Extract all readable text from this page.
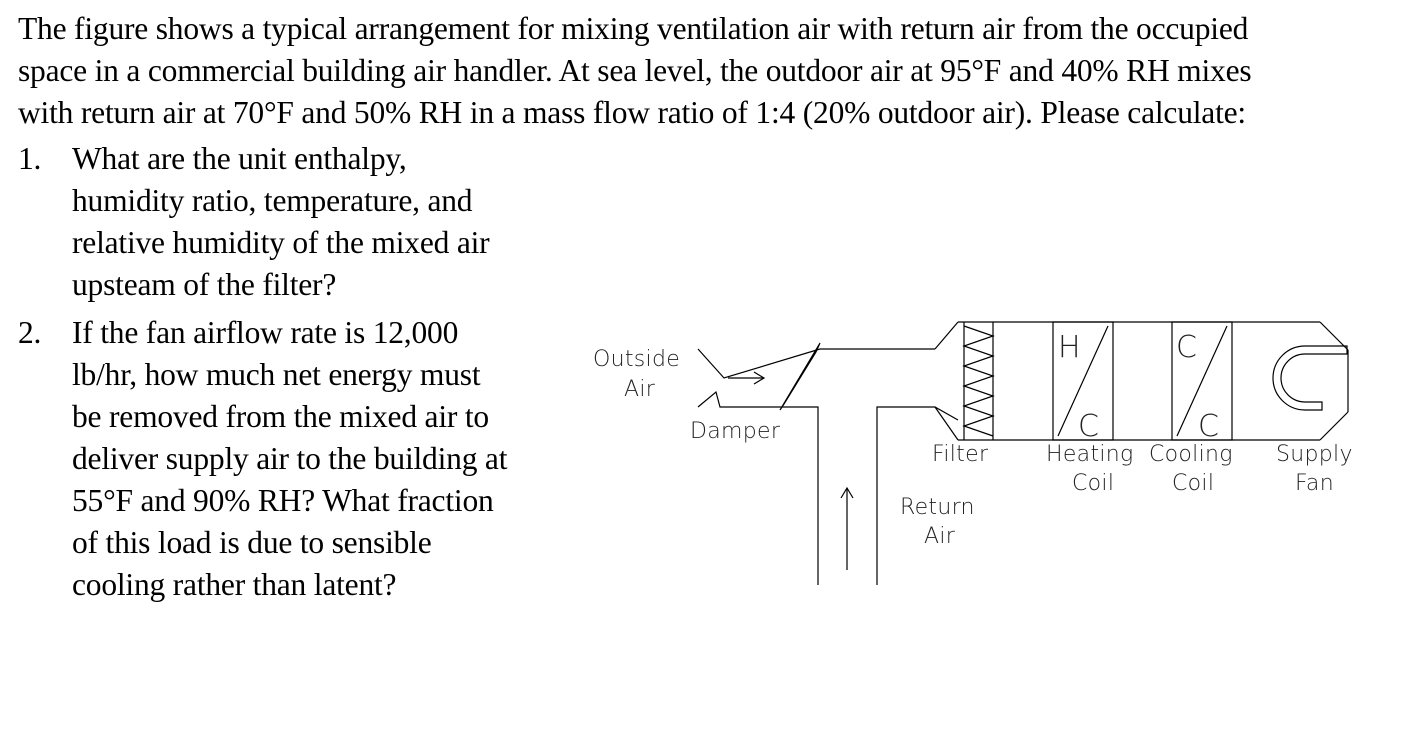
The figure shows a typical arrangement for mixing ventilation air with return air from the occupied space in a commercial building air handler. At sea level, the outdoor air at 95°F and 40% RH mixes with return air at 70°F and 50% RH in a mass flow ratio of 1:4 (20% outdoor air). Please calculate:

1. What are the unit enthalpy, humidity ratio, temperature, and relative humidity of the mixed air upsteam of the filter?
2. If the fan airflow rate is 12,000 lb/hr, how much net energy must be removed from the mixed air to deliver supply air to the building at 55°F and 90% RH? What fraction of this load is due to sensible cooling rather than latent?
H
C
C
C
Outside
Air
Damper
Filter	Heating
Coil
Cooling
Coil
Supply
Fan
Return
Air
